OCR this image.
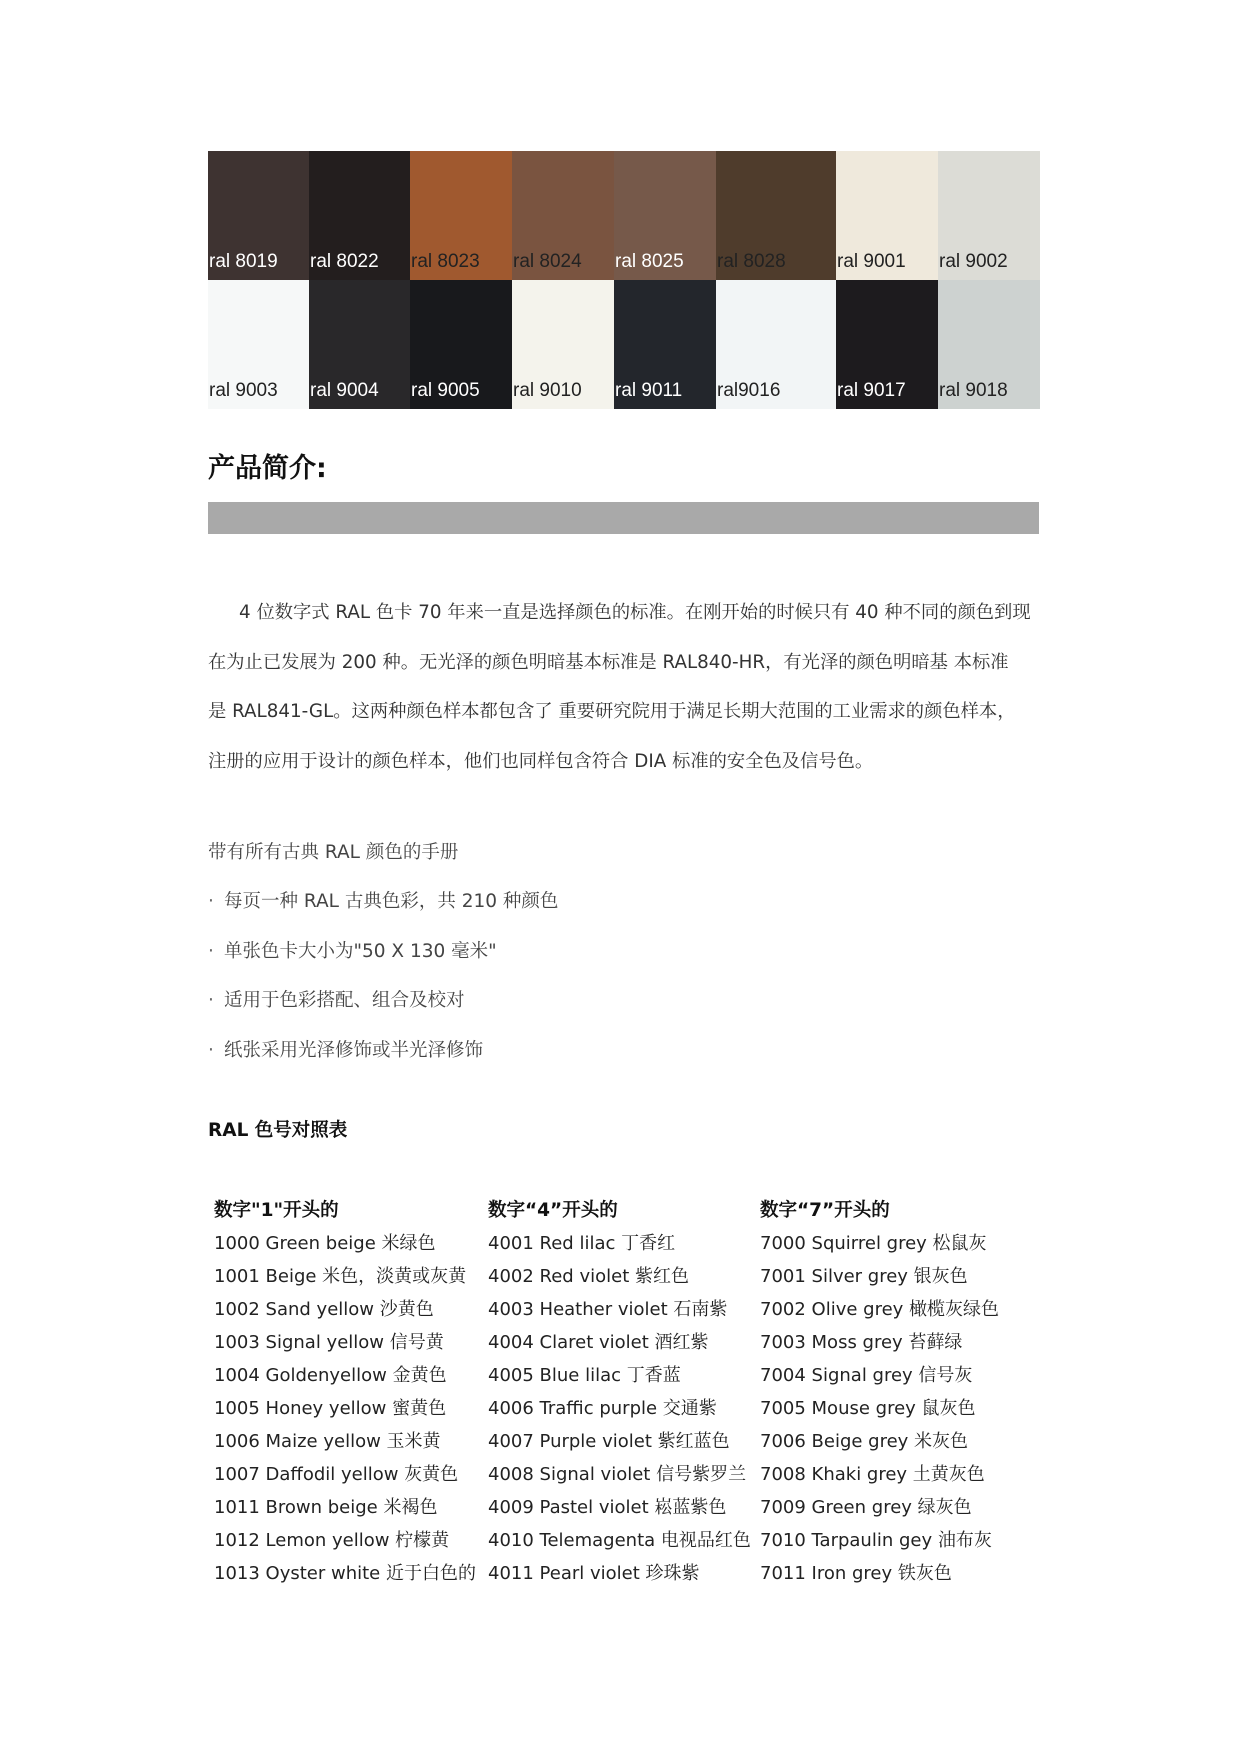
ral 8019 ral 8022 ral 8023 ral 8024 ral 8025 ral 8028	ral 9001 ral 9002
ral 9003 ral 9004 ral 9005 ral 9010 ral 9011 ral9016	ral 9017 ral 9018
产品简介:

4 位数字式 RAL 色卡 70 年来一直是选择颜色的标准。在刚开始的时候只有 40 种不同的颜色到现

在为止已发展为 200 种。无光泽的颜色明暗基本标准是 RAL840-HR，有光泽的颜色明暗基 本标准

是 RAL841-GL。这两种颜色样本都包含了 重要研究院用于满足长期大范围的工业需求的颜色样本，

注册的应用于设计的颜色样本，他们也同样包含符合 DIA 标准的安全色及信号色。

带有所有古典 RAL 颜色的手册
· 每页一种 RAL 古典色彩，共 210 种颜色
· 单张色卡大小为"50 X 130 毫米"
· 适用于色彩搭配、组合及校对
· 纸张采用光泽修饰或半光泽修饰
RAL 色号对照表
数字"1"开头的
1000 Green beige 米绿色
1001 Beige 米色，淡黄或灰黄
1002 Sand yellow 沙黄色
1003 Signal yellow 信号黄
1004 Goldenyellow 金黄色
1005 Honey yellow 蜜黄色
1006 Maize yellow 玉米黄
1007 Daffodil yellow 灰黄色
1011 Brown beige 米褐色
1012 Lemon yellow 柠檬黄
1013 Oyster white 近于白色的
数字“4”开头的
4001 Red lilac 丁香红
4002 Red violet 紫红色
4003 Heather violet 石南紫
4004 Claret violet 酒红紫
4005 Blue lilac 丁香蓝
4006 Traffic purple 交通紫
4007 Purple violet 紫红蓝色
4008 Signal violet 信号紫罗兰
4009 Pastel violet 崧蓝紫色
4010 Telemagenta 电视品红色
4011 Pearl violet 珍珠紫
数字“7”开头的
7000 Squirrel grey 松鼠灰
7001 Silver grey 银灰色
7002 Olive grey 橄榄灰绿色
7003 Moss grey 苔藓绿
7004 Signal grey 信号灰
7005 Mouse grey 鼠灰色
7006 Beige grey 米灰色
7008 Khaki grey 土黄灰色
7009 Green grey 绿灰色
7010 Tarpaulin gey 油布灰
7011 Iron grey 铁灰色
